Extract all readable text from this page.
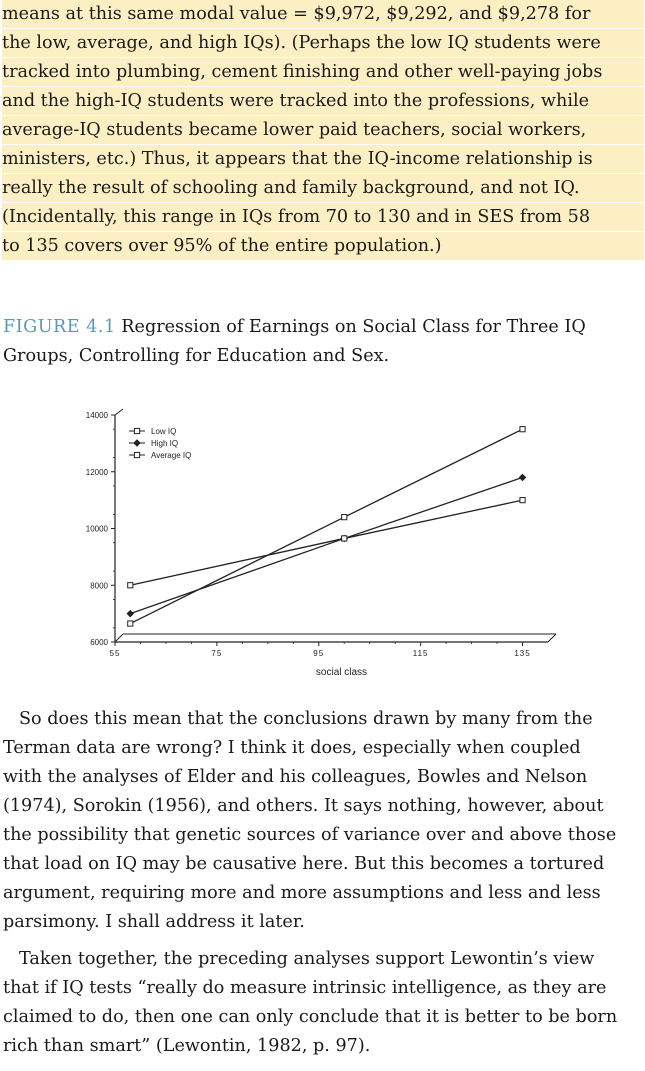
means at this same modal value = $9,972, $9,292, and $9,278 for
the low, average, and high IQs). (Perhaps the low IQ students were
tracked into plumbing, cement finishing and other well-paying jobs
and the high-IQ students were tracked into the professions, while
average-IQ students became lower paid teachers, social workers,
ministers, etc.) Thus, it appears that the IQ-income relationship is
really the result of schooling and family background, and not IQ.
(Incidentally, this range in IQs from 70 to 130 and in SES from 58
to 135 covers over 95% of the entire population.)
FIGURE 4.1 Regression of Earnings on Social Class for Three IQ
Groups, Controlling for Education and Sex.
6000
8000
10000
12000
14000
55	75	95	115	135
social class
Low IQ
High IQ
Average IQ
So does this mean that the conclusions drawn by many from the
Terman data are wrong? I think it does, especially when coupled
with the analyses of Elder and his colleagues, Bowles and Nelson
(1974), Sorokin (1956), and others. It says nothing, however, about
the possibility that genetic sources of variance over and above those
that load on IQ may be causative here. But this becomes a tortured
argument, requiring more and more assumptions and less and less
parsimony. I shall address it later.
Taken together, the preceding analyses support Lewontin’s view
that if IQ tests “really do measure intrinsic intelligence, as they are
claimed to do, then one can only conclude that it is better to be born
rich than smart” (Lewontin, 1982, p. 97).
